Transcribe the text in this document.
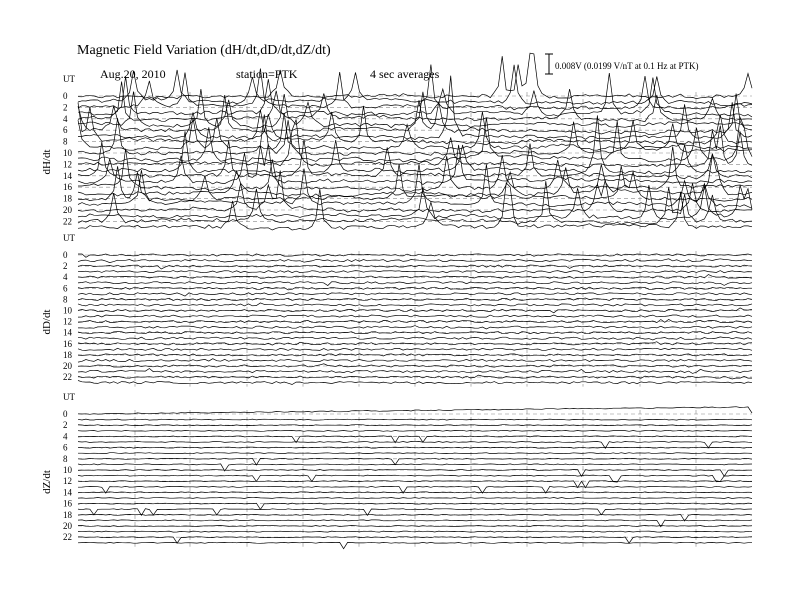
Magnetic Field Variation (dH/dt,dD/dt,dZ/dt)
Aug.20, 2010	station=PTK	4 sec averages
0.008V (0.0199 V/nT at 0.1 Hz at PTK)
UT
dH/dt
0
2
4
6
8
10
12
14
16
18
20
22
UT
dD/dt
0
2
4
6
8
10
12
14
16
18
20
22
UT
dZ/dt
0
2
4
6
8
10
12
14
16
18
20
22
